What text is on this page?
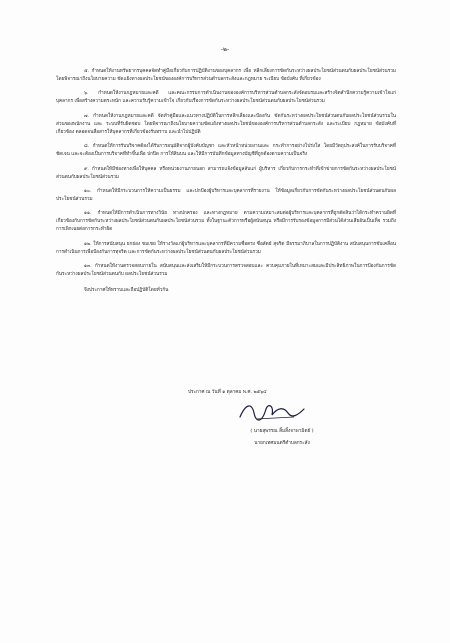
-๒-

๕. กำหนดให้งานทรัพยากรบุคคลจัดทำคู่มือเกี่ยวกับการปฏิบัติงานของบุคลากร เพื่อ หลีกเลี่ยงการขัดกันระหว่างผลประโยชน์ส่วนตนกับผลประโยชน์ส่วนรวม โดยพิจารณาถึงนโยบายความ ขัดแย้งทางผลประโยชน์ขององค์การบริหารส่วนตำบลกระสังและกฎหมาย ระเบียบ ข้อบังคับ ที่เกี่ยวข้อง

๖. กำหนดให้งานกฎหมายและคดี และคณะกรรมการดำเนินงานขององค์การบริหารส่วนตำบลกระสังจัดอบรมและสร้างจิตสำนึกความรู้ความเข้าใจแก่บุคลากร เพื่อสร้างความตระหนัก และความรับรู้ความเข้าใจ เกี่ยวกับเรื่องการขัดกันระหว่างผลประโยชน์ส่วนตนกับผลประโยชน์ส่วนรวม

๗. กำหนดให้งานกฎหมายและคดี จัดทำคู่มือและแนวทางปฏิบัติในการหลีกเลี่ยงและป้องกัน ขัดกันระหว่างผลประโยชน์ส่วนตนกับผลประโยชน์ส่วนรวมในส่วนของพนักงาน และ ระบบที่รับผิดชอบ โดยพิจารณาถึงนโยบายความขัดแย้งทางผลประโยชน์ขององค์การบริหารส่วนตำบลกระสัง และระเบียบ กฎหมาย ข้อบังคับที่เกี่ยวข้อง ตลอดจนสื่อสารให้บุคลากรที่เกี่ยวข้องรับทราบ และนำไปปฏิบัติ

๘. กำหนดให้การรับบริจาคต้องได้รับการอนุมัติจากผู้บังคับบัญชา และหัวหน้าหน่วยงานและ กระทำการอย่างโปร่งใส โดยมีวัตถุประสงค์ในการรับบริจาคที่ชัดเจน และจะต้องเป็นการบริจาคที่ทำขึ้นเพื่อ ปกปิด การให้สินบน และให้มีการบันทึกข้อมูลทางบัญชีที่ถูกต้องตามความเป็นจริง

๙. กำหนดให้มีช่องทางเพื่อให้บุคคล หรือหน่วยงานภายนอก สามารถแจ้งข้อมูลลับแก่ ผู้บริหาร เกี่ยวกับการกระทำที่เข้าข่ายการขัดกันระหว่างผลประโยชน์ส่วนตนกับผลประโยชน์ส่วนรวม

๑๐. กำหนดให้มีกระบวนการให้ความเป็นธรรม และปกป้องผู้บริหารและบุคลากรที่รายงาน ให้ข้อมูลเกี่ยวกับการขัดกันระหว่างผลประโยชน์ส่วนตนกับผลประโยชน์ส่วนรวม

๑๑. กำหนดให้มีการดำเนินการทางวินัย ทางปกครอง และทางกฎหมาย ตามความเหมาะสมต่อผู้บริหารและบุคลากรที่ถูกตัดสินว่าได้กระทำความผิดที่เกี่ยวข้องกับการขัดกันระหว่างผลประโยชน์ส่วนตนกับผลประโยชน์ส่วนรวม ทั้งในฐานะตัวการหรือผู้สนับสนุน หรือมีการรับรองข้อมูลการมีส่วนได้ส่วนเสียอันเป็นเท็จ รวมถึงการเพิกเฉยต่อการกระทำผิด

๑๒. ให้การสนับสนุน ยกย่อง ชมเชย ให้รางวัลแก่ผู้บริหารและบุคลากรที่มีความซื่อตรง ซื่อสัตย์ สุจริต มีธรรมาภิบาลในการปฏิบัติงาน สนับสนุนการขับเคลื่อนการดำเนินการเพื่อป้องกันการทุจริต และการขัดกันระหว่างผลประโยชน์ส่วนตนกับผลประโยชน์ส่วนรวม

๑๓. กำหนดให้งานตรวจสอบภายใน สนับสนุนและส่งเสริมให้มีกระบวนการตรวจสอบและ ควบคุมภายในที่เหมาะสมและมีประสิทธิภาพในการป้องกันการขัดกันระหว่างผลประโยชน์ส่วนตนกับ ผลประโยชน์ส่วนรวม

จึงประกาศให้ทราบและถือปฏิบัติโดยทั่วกัน

ประกาศ ณ วันที่ ๑ ตุลาคม พ.ศ. ๒๕๖๔
( นายสุพรรณ สิ้มสิ้งจาพามิตย์ )
นายกเทศมนตรีตำบลกระสัง
